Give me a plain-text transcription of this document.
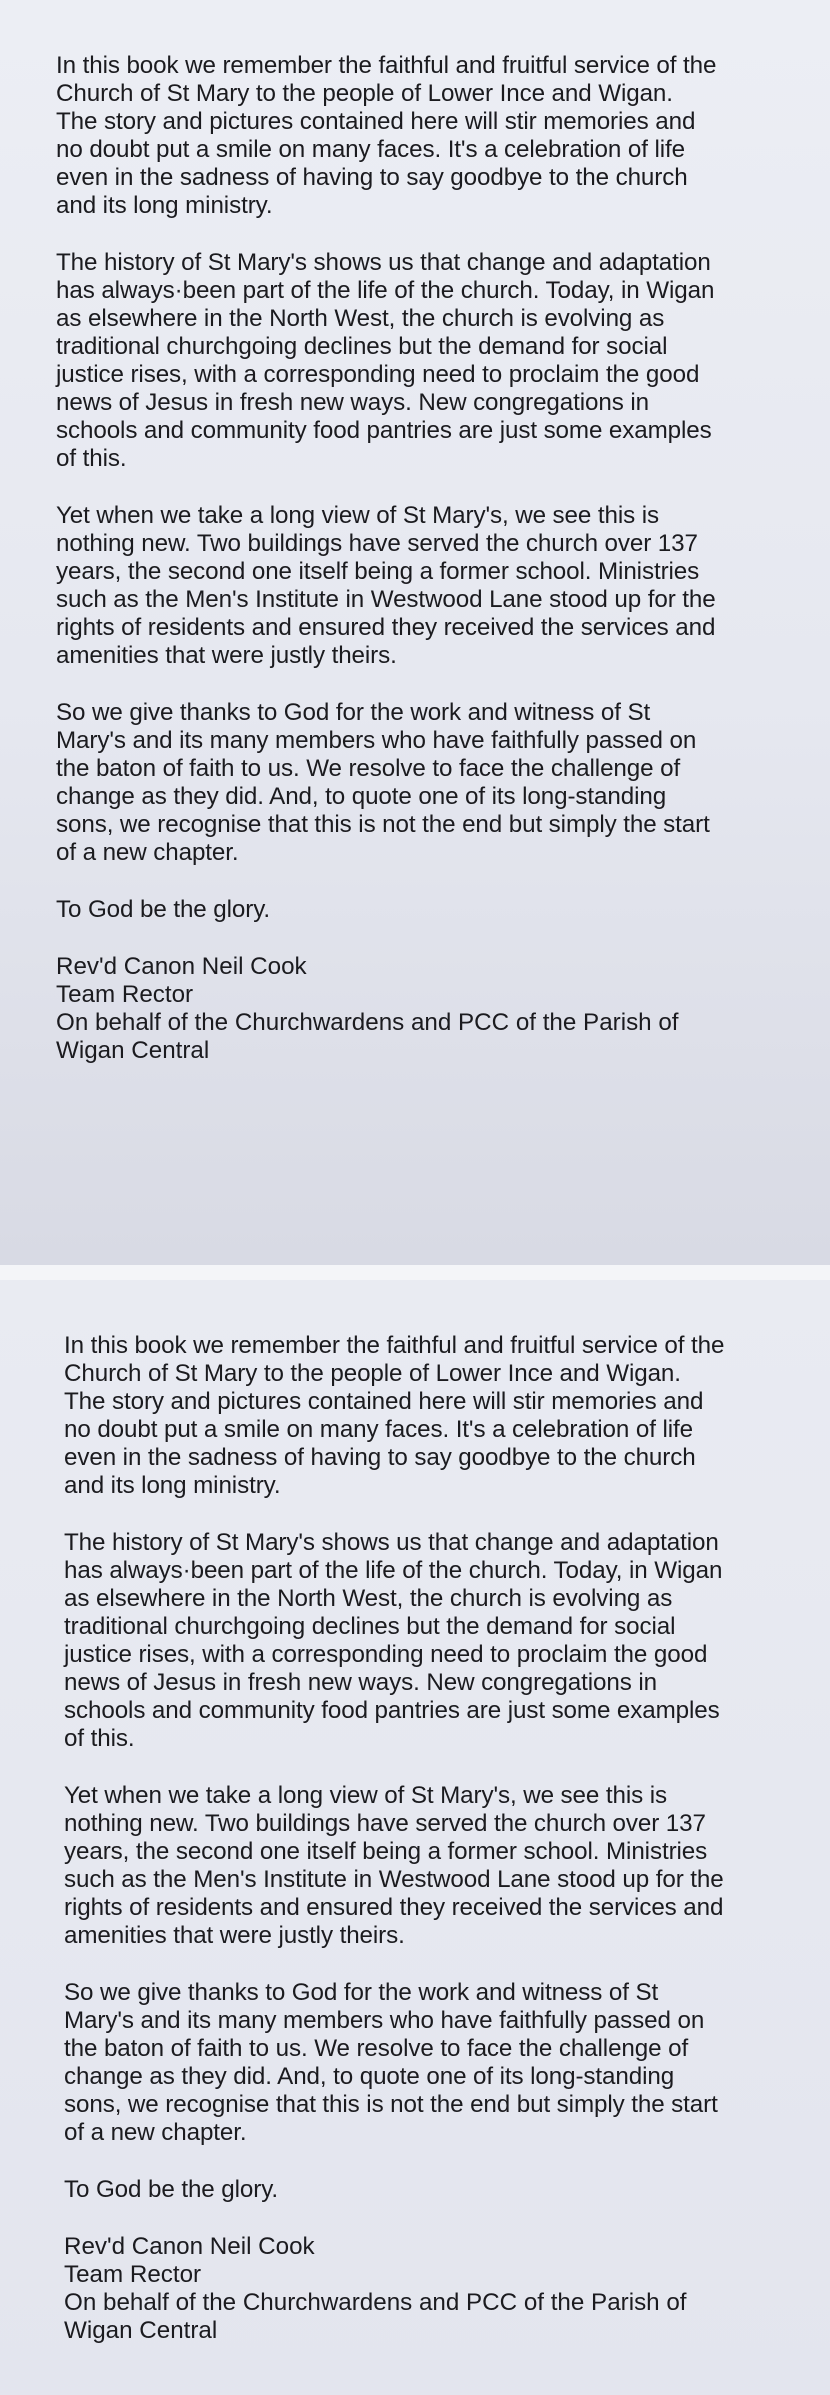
In this book we remember the faithful and fruitful service of the
Church of St Mary to the people of Lower Ince and Wigan.
The story and pictures contained here will stir memories and
no doubt put a smile on many faces. It's a celebration of life
even in the sadness of having to say goodbye to the church
and its long ministry.
The history of St Mary's shows us that change and adaptation
has always·been part of the life of the church. Today, in Wigan
as elsewhere in the North West, the church is evolving as
traditional churchgoing declines but the demand for social
justice rises, with a corresponding need to proclaim the good
news of Jesus in fresh new ways. New congregations in
schools and community food pantries are just some examples
of this.
Yet when we take a long view of St Mary's, we see this is
nothing new. Two buildings have served the church over 137
years, the second one itself being a former school. Ministries
such as the Men's Institute in Westwood Lane stood up for the
rights of residents and ensured they received the services and
amenities that were justly theirs.
So we give thanks to God for the work and witness of St
Mary's and its many members who have faithfully passed on
the baton of faith to us. We resolve to face the challenge of
change as they did. And, to quote one of its long-standing
sons, we recognise that this is not the end but simply the start
of a new chapter.
To God be the glory.
Rev'd Canon Neil Cook
Team Rector
On behalf of the Churchwardens and PCC of the Parish of
Wigan Central
In this book we remember the faithful and fruitful service of the
Church of St Mary to the people of Lower Ince and Wigan.
The story and pictures contained here will stir memories and
no doubt put a smile on many faces. It's a celebration of life
even in the sadness of having to say goodbye to the church
and its long ministry.
The history of St Mary's shows us that change and adaptation
has always·been part of the life of the church. Today, in Wigan
as elsewhere in the North West, the church is evolving as
traditional churchgoing declines but the demand for social
justice rises, with a corresponding need to proclaim the good
news of Jesus in fresh new ways. New congregations in
schools and community food pantries are just some examples
of this.
Yet when we take a long view of St Mary's, we see this is
nothing new. Two buildings have served the church over 137
years, the second one itself being a former school. Ministries
such as the Men's Institute in Westwood Lane stood up for the
rights of residents and ensured they received the services and
amenities that were justly theirs.
So we give thanks to God for the work and witness of St
Mary's and its many members who have faithfully passed on
the baton of faith to us. We resolve to face the challenge of
change as they did. And, to quote one of its long-standing
sons, we recognise that this is not the end but simply the start
of a new chapter.
To God be the glory.
Rev'd Canon Neil Cook
Team Rector
On behalf of the Churchwardens and PCC of the Parish of
Wigan Central
